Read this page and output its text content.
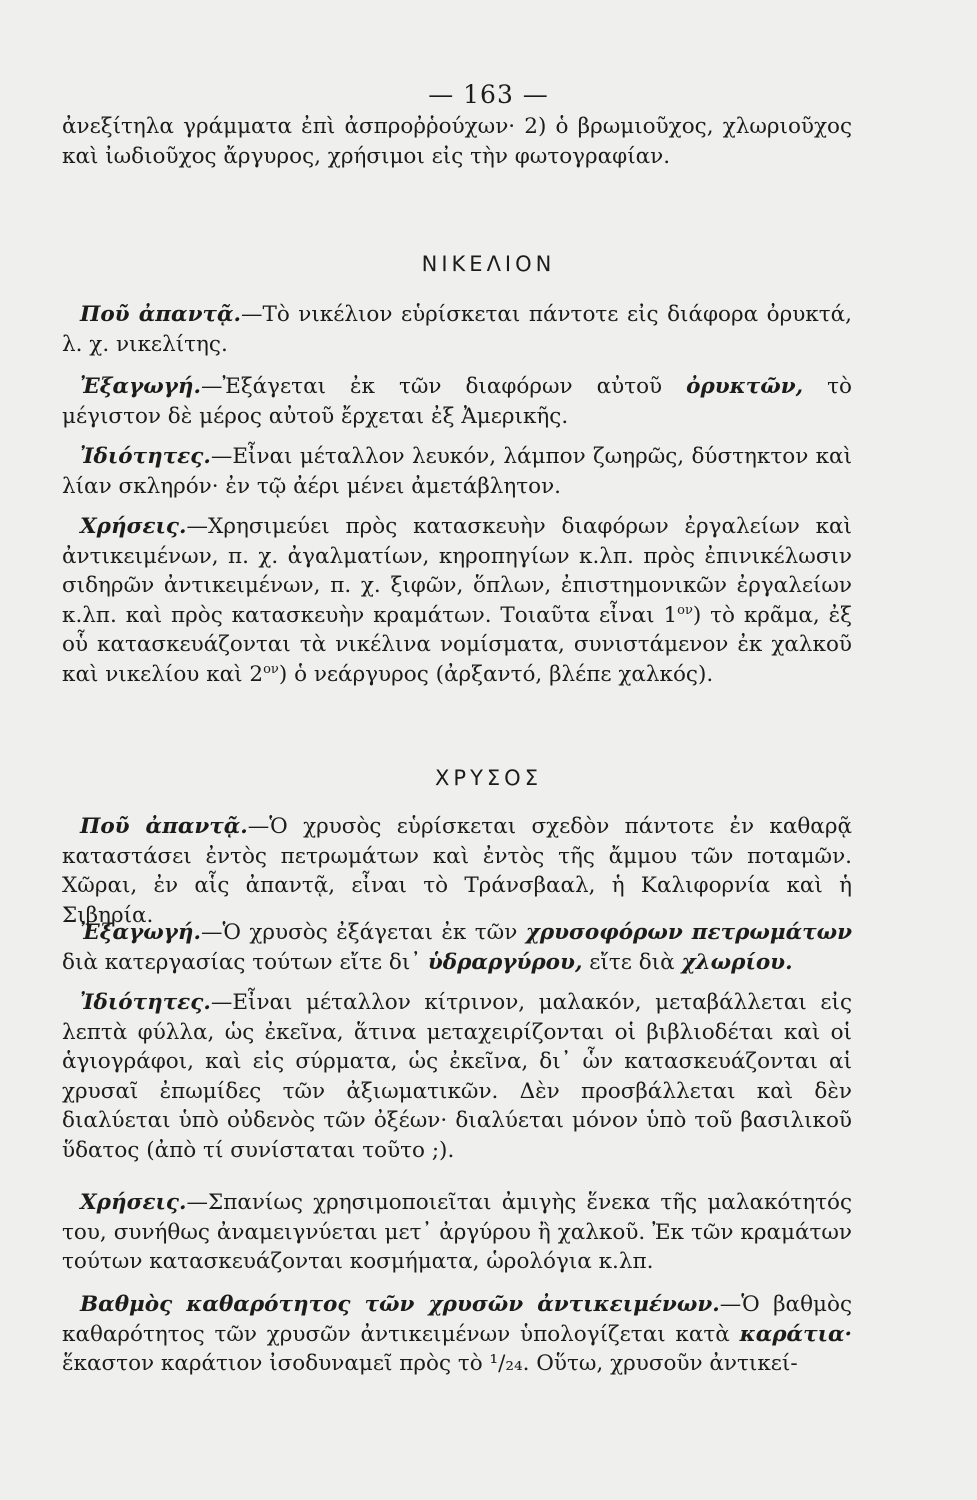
— 163 —

ἀνεξίτηλα γράμματα ἐπὶ ἀσπροῤῥούχων· 2) ὁ βρωμιοῦχος, χλωριοῦχος καὶ ἰωδιοῦχος ἄργυρος, χρήσιμοι εἰς τὴν φωτογραφίαν.

ΝΙΚΕΛΙΟΝ

Ποῦ ἀπαντᾷ.—Τὸ νικέλιον εὑρίσκεται πάντοτε εἰς διάφορα ὀρυκτά, λ. χ. νικελίτης.

Ἐξαγωγή.—Ἐξάγεται ἐκ τῶν διαφόρων αὐτοῦ ὀρυκτῶν, τὸ μέγιστον δὲ μέρος αὐτοῦ ἔρχεται ἐξ Ἀμερικῆς.

Ἰδιότητες.—Εἶναι μέταλλον λευκόν, λάμπον ζωηρῶς, δύστηκτον καὶ λίαν σκληρόν· ἐν τῷ ἀέρι μένει ἀμετάβλητον.

Χρήσεις.—Χρησιμεύει πρὸς κατασκευὴν διαφόρων ἐργαλείων καὶ ἀντικειμένων, π. χ. ἀγαλματίων, κηροπηγίων κ.λπ. πρὸς ἐπινικέλωσιν σιδηρῶν ἀντικειμένων, π. χ. ξιφῶν, ὅπλων, ἐπιστημονικῶν ἐργαλείων κ.λπ. καὶ πρὸς κατασκευὴν κραμάτων. Τοιαῦτα εἶναι $1^{o\nu}$) τὸ κρᾶμα, ἐξ οὗ κατασκευάζονται τὰ νικέλινα νομίσματα, συνιστάμενον ἐκ χαλκοῦ καὶ νικελίου καὶ $2^{o\nu}$) ὁ νεάργυρος (ἀρξαντό, βλέπε χαλκός).

ΧΡΥΣΟΣ

Ποῦ ἀπαντᾷ.—Ὁ χρυσὸς εὑρίσκεται σχεδὸν πάντοτε ἐν καθαρᾷ καταστάσει ἐντὸς πετρωμάτων καὶ ἐντὸς τῆς ἄμμου τῶν ποταμῶν. Χῶραι, ἐν αἷς ἀπαντᾷ, εἶναι τὸ Τράνσβααλ, ἡ Καλιφορνία καὶ ἡ Σιβηρία.

Ἐξαγωγή.—Ὁ χρυσὸς ἐξάγεται ἐκ τῶν χρυσοφόρων πετρωμάτων διὰ κατεργασίας τούτων εἴτε δι᾽ ὑδραργύρου, εἴτε διὰ χλωρίου.

Ἰδιότητες.—Εἶναι μέταλλον κίτρινον, μαλακόν, μεταβάλλεται εἰς λεπτὰ φύλλα, ὡς ἐκεῖνα, ἅτινα μεταχειρίζονται οἱ βιβλιοδέται καὶ οἱ ἁγιογράφοι, καὶ εἰς σύρματα, ὡς ἐκεῖνα, δι᾽ ὧν κατασκευάζονται αἱ χρυσαῖ ἐπωμίδες τῶν ἀξιωματικῶν. Δὲν προσβάλλεται καὶ δὲν διαλύεται ὑπὸ οὐδενὸς τῶν ὀξέων· διαλύεται μόνον ὑπὸ τοῦ βασιλικοῦ ὕδατος (ἀπὸ τί συνίσταται τοῦτο ;).

Χρήσεις.—Σπανίως χρησιμοποιεῖται ἀμιγὴς ἕνεκα τῆς μαλακότητός του, συνήθως ἀναμειγνύεται μετ᾽ ἀργύρου ἢ χαλκοῦ. Ἐκ τῶν κραμάτων τούτων κατασκευάζονται κοσμήματα, ὡρολόγια κ.λπ.

Βαθμὸς καθαρότητος τῶν χρυσῶν ἀντικειμένων.—Ὁ βαθμὸς καθαρότητος τῶν χρυσῶν ἀντικειμένων ὑπολογίζεται κατὰ καράτια· ἕκαστον καράτιον ἰσοδυναμεῖ πρὸς τὸ ¹/₂₄. Οὕτω, χρυσοῦν ἀντικεί-
